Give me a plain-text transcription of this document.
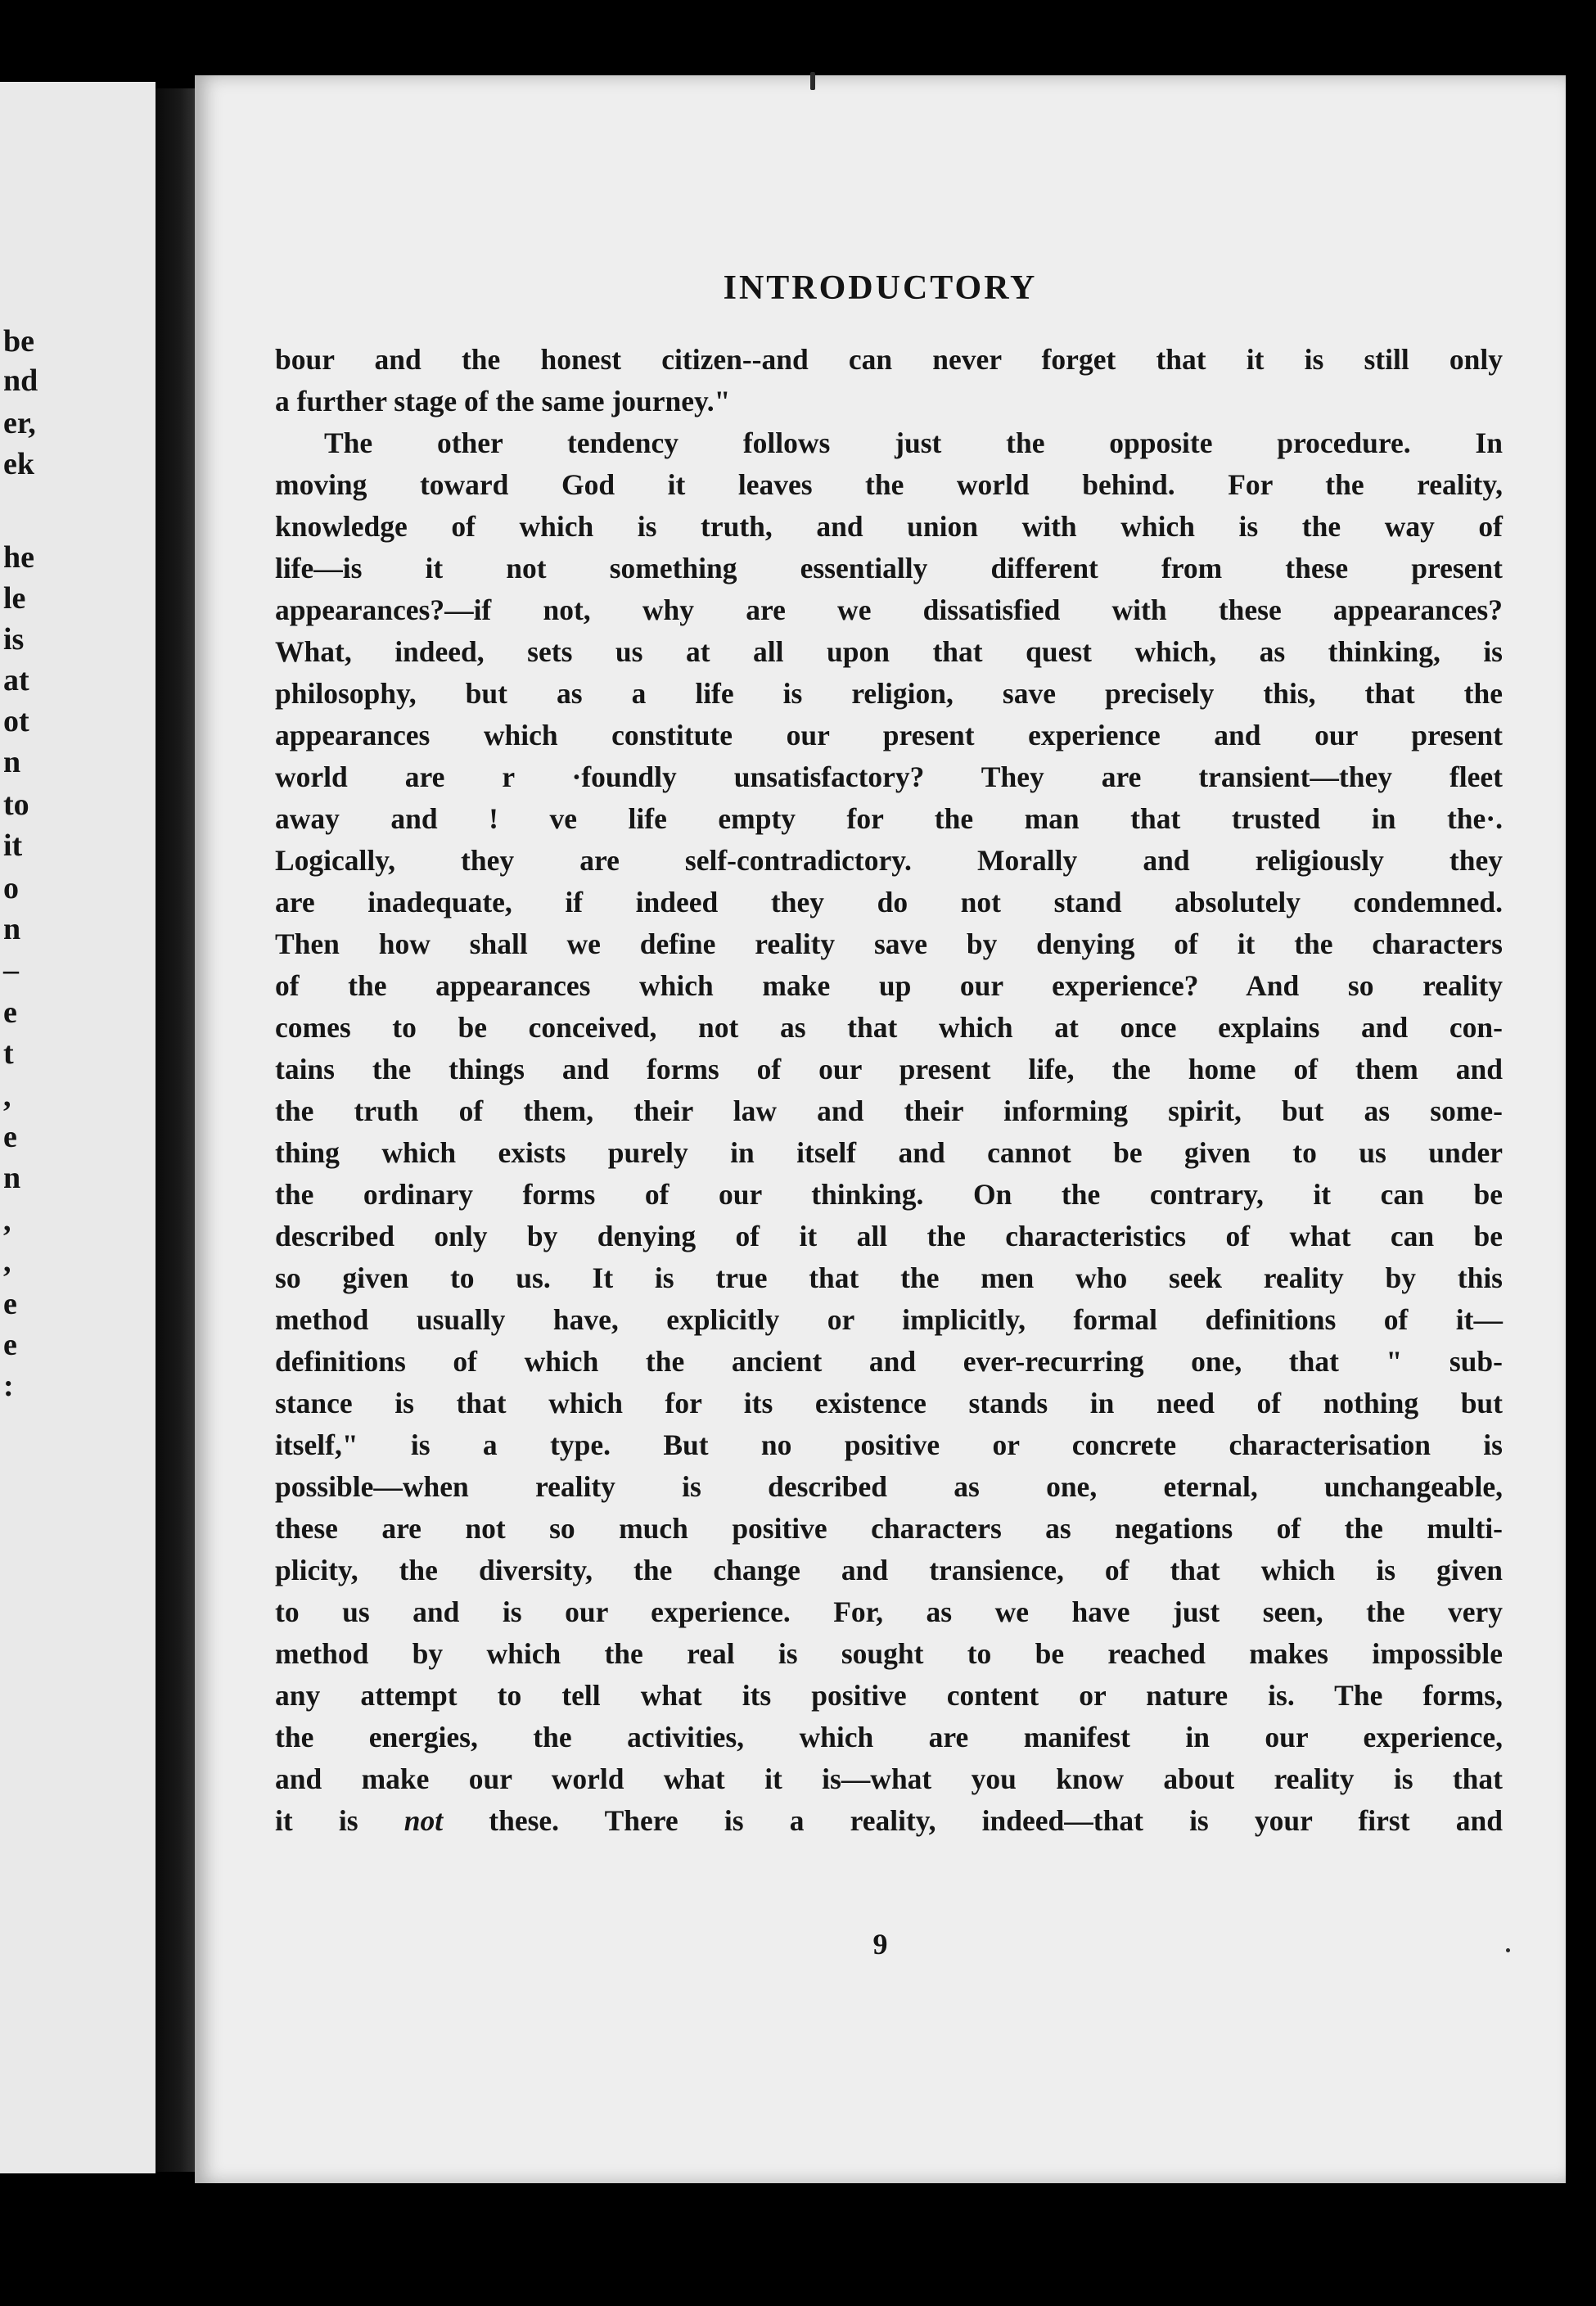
be
nd
er,
ek
he
le
is
at
ot
n
to
it
o
n
–
e
t
,
e
n
,
,
e
e
:
INTRODUCTORY
bour and the honest citizen--and can never forget that it is still only
a further stage of the same journey."
The other tendency follows just the opposite procedure. In
moving toward God it leaves the world behind. For the reality,
knowledge of which is truth, and union with which is the way of
life—is it not something essentially different from these present
appearances?—if not, why are we dissatisfied with these appearances?
What, indeed, sets us at all upon that quest which, as thinking, is
philosophy, but as a life is religion, save precisely this, that the
appearances which constitute our present experience and our present
world are r ·foundly unsatisfactory? They are transient—they fleet
away and ! ve life empty for the man that trusted in the·.
Logically, they are self-contradictory. Morally and religiously they
are inadequate, if indeed they do not stand absolutely condemned.
Then how shall we define reality save by denying of it the characters
of the appearances which make up our experience? And so reality
comes to be conceived, not as that which at once explains and con-
tains the things and forms of our present life, the home of them and
the truth of them, their law and their informing spirit, but as some-
thing which exists purely in itself and cannot be given to us under
the ordinary forms of our thinking. On the contrary, it can be
described only by denying of it all the characteristics of what can be
so given to us. It is true that the men who seek reality by this
method usually have, explicitly or implicitly, formal definitions of it—
definitions of which the ancient and ever-recurring one, that " sub-
stance is that which for its existence stands in need of nothing but
itself," is a type. But no positive or concrete characterisation is
possible—when reality is described as one, eternal, unchangeable,
these are not so much positive characters as negations of the multi-
plicity, the diversity, the change and transience, of that which is given
to us and is our experience. For, as we have just seen, the very
method by which the real is sought to be reached makes impossible
any attempt to tell what its positive content or nature is. The forms,
the energies, the activities, which are manifest in our experience,
and make our world what it is—what you know about reality is that
it is not these. There is a reality, indeed—that is your first and
9
